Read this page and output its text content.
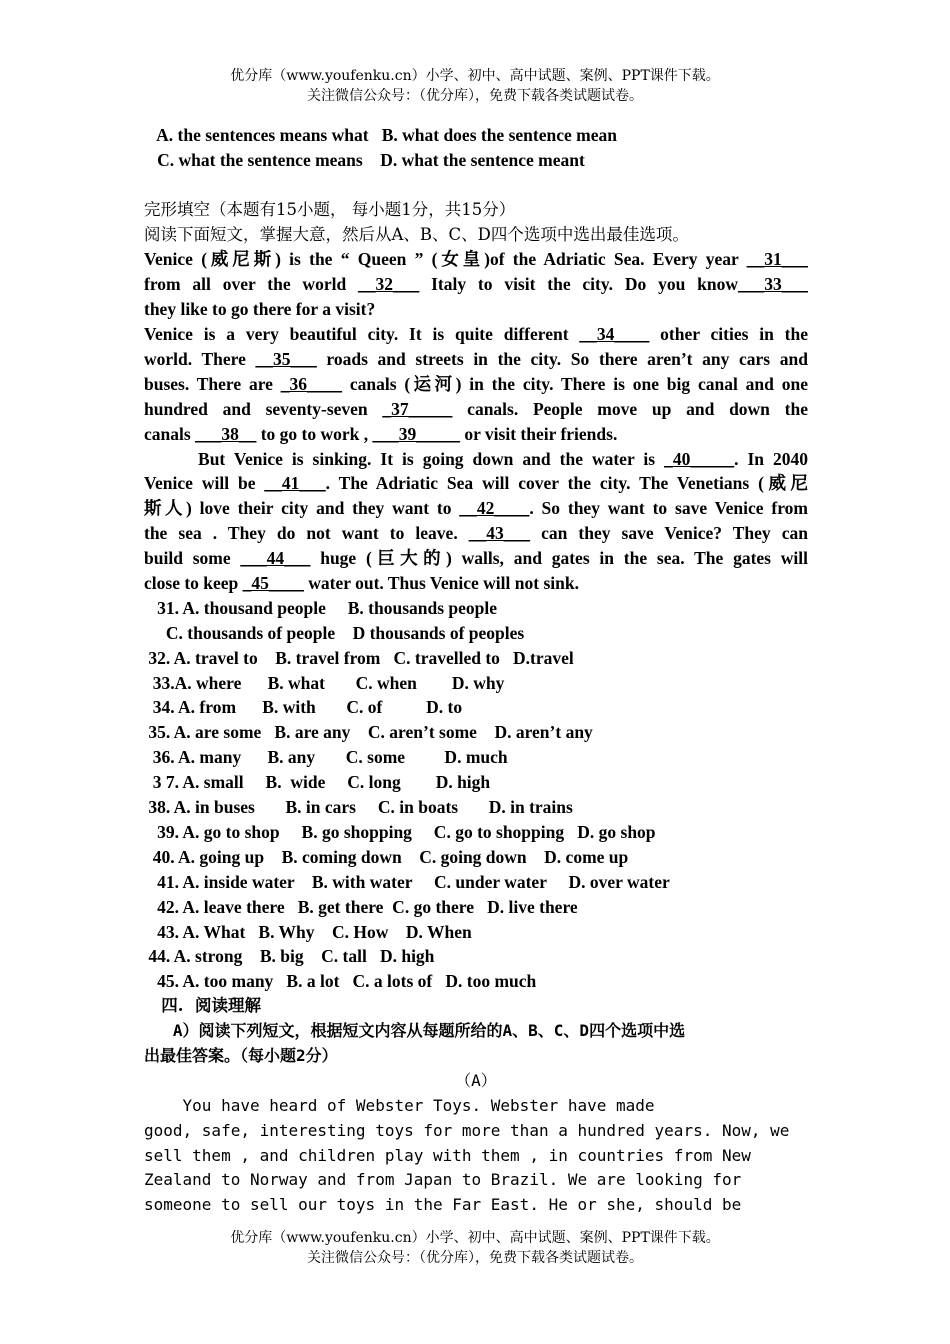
优分库（www.youfenku.cn）小学、初中、高中试题、案例、PPT课件下载。
关注微信公众号：（优分库），免费下载各类试题试卷。
A. the sentences means what   B. what does the sentence mean
C. what the sentence means    D. what the sentence meant
完形填空（本题有15小题， 每小题1分，共15分）
阅读下面短文，掌握大意，然后从A、B、C、D四个选项中选出最佳选项。
Venice (威尼斯) is the “ Queen ” (女皇)of the Adriatic Sea. Every year __31___
from all over the world __32___ Italy to visit the city. Do you know___33___
they like to go there for a visit?
Venice is a very beautiful city. It is quite different __34____ other cities in the
world. There __35___ roads and streets in the city. So there aren’t any cars and
buses. There are _36____ canals (运河) in the city. There is one big canal and one
hundred and seventy-seven _37_____ canals. People move up and down the
canals ___38__ to go to work , ___39_____ or visit their friends.
But Venice is sinking. It is going down and the water is _40_____. In 2040
Venice will be __41___. The Adriatic Sea will cover the city. The Venetians (威尼
斯人) love their city and they want to __42____. So they want to save Venice from
the sea . They do not want to leave. __43___ can they save Venice? They can
build some ___44___ huge (巨大的) walls, and gates in the sea. The gates will
close to keep _45____ water out. Thus Venice will not sink.
31. A. thousand people     B. thousands people
C. thousands of people    D thousands of peoples
32. A. travel to    B. travel from   C. travelled to   D.travel
33.A. where      B. what       C. when        D. why
34. A. from      B. with       C. of          D. to
35. A. are some   B. are any    C. aren’t some    D. aren’t any
36. A. many      B. any       C. some         D. much
3 7. A. small     B.  wide     C. long        D. high
38. A. in buses       B. in cars     C. in boats       D. in trains
39. A. go to shop     B. go shopping     C. go to shopping   D. go shop
40. A. going up    B. coming down    C. going down    D. come up
41. A. inside water    B. with water     C. under water     D. over water
42. A. leave there   B. get there  C. go there   D. live there
43. A. What   B. Why    C. How    D. When
44. A. strong    B. big    C. tall   D. high
45. A. too many   B. a lot   C. a lots of   D. too much
四.  阅读理解
A）阅读下列短文，根据短文内容从每题所给的A、B、C、D四个选项中选
出最佳答案。（每小题2分）
（A）
You have heard of Webster Toys. Webster have made
good, safe, interesting toys for more than a hundred years. Now, we
sell them , and children play with them , in countries from New
Zealand to Norway and from Japan to Brazil. We are looking for
someone to sell our toys in the Far East. He or she, should be
优分库（www.youfenku.cn）小学、初中、高中试题、案例、PPT课件下载。
关注微信公众号：（优分库），免费下载各类试题试卷。
